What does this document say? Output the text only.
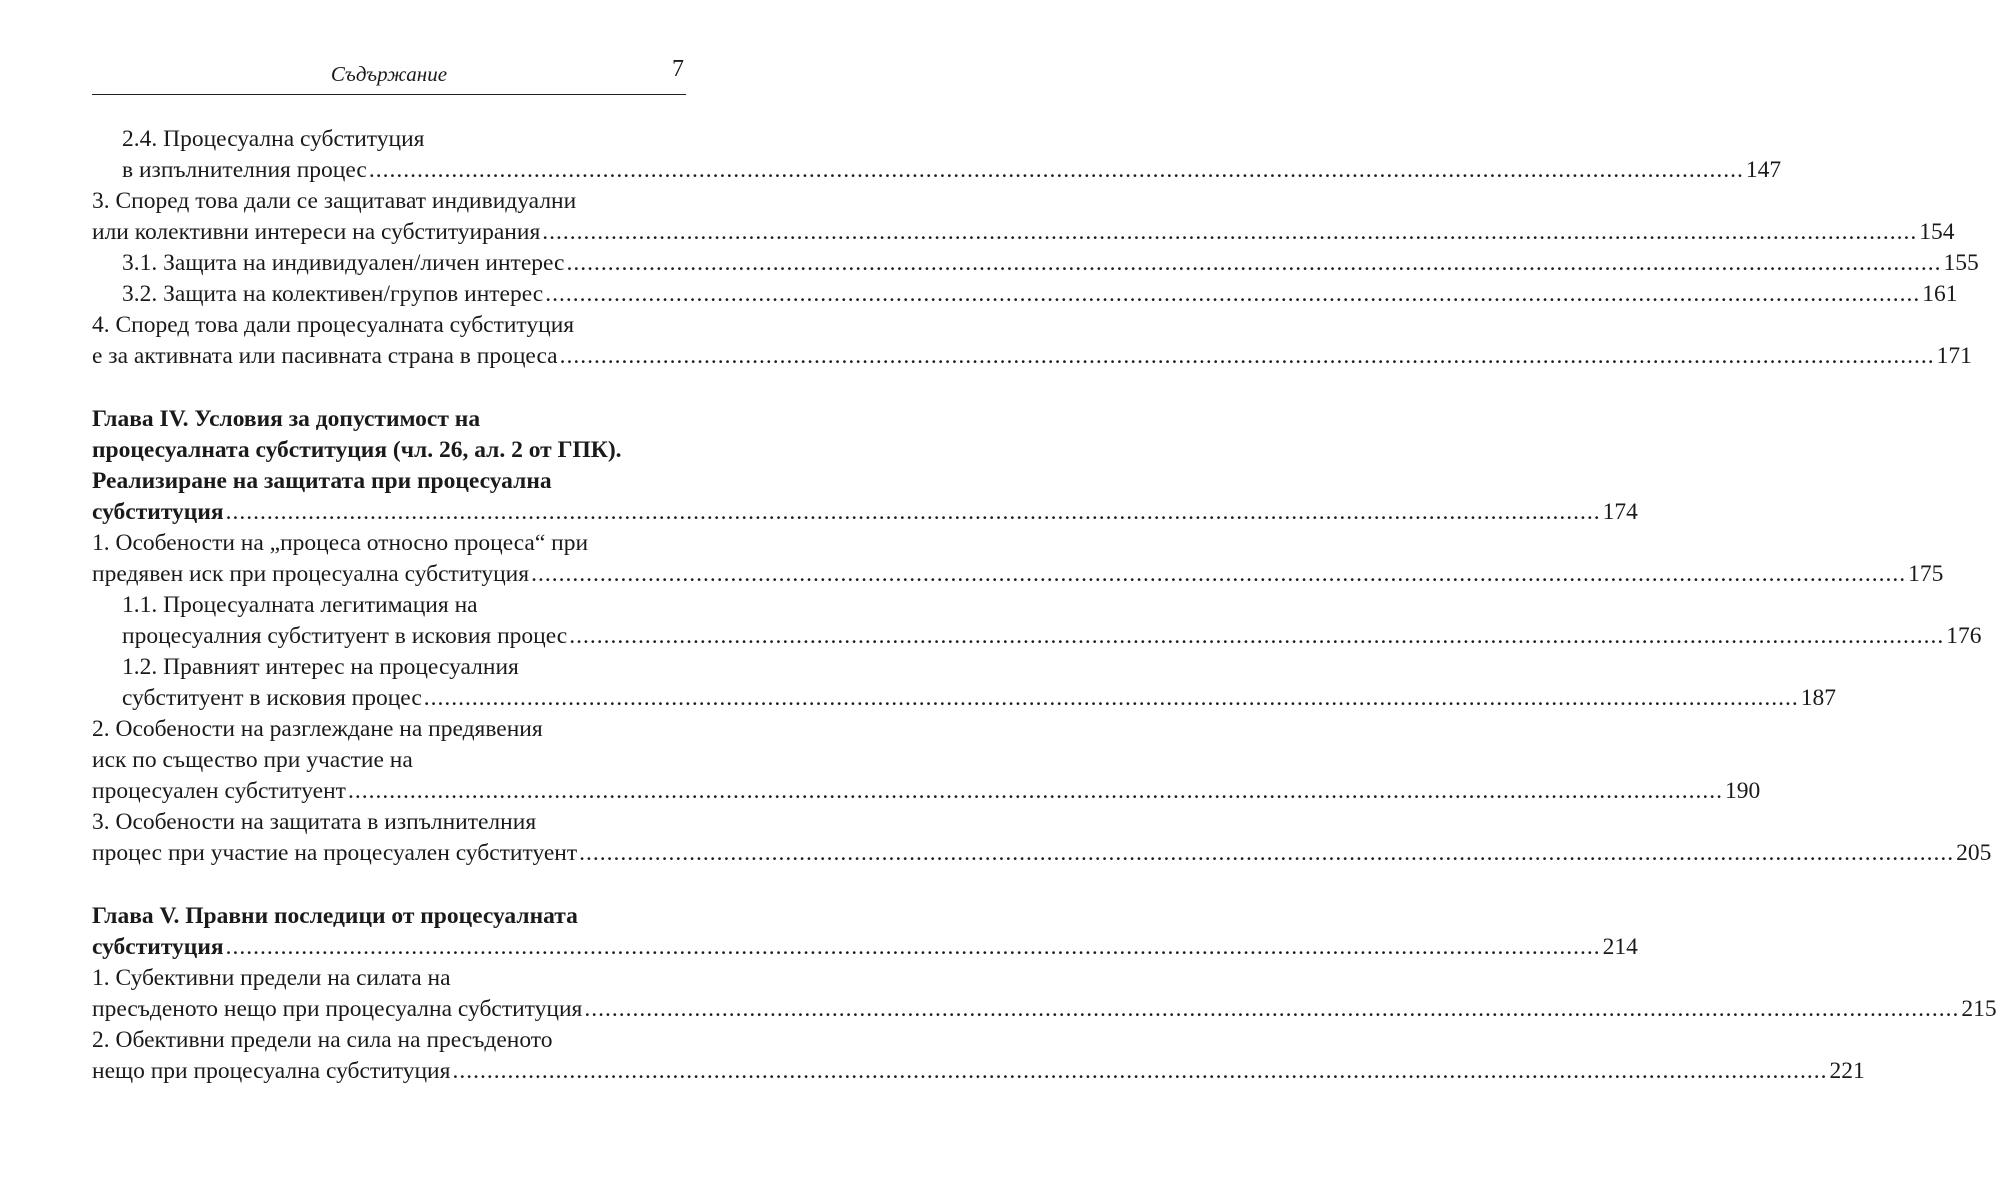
Съдържание	7
2.4. Процесуална субституция
в изпълнителния процес ........................................................................................................................................................................................................ 147
3. Според това дали се защитават индивидуални
или колективни интереси на субституирания ........................................................................................................................................................................................................ 154
3.1. Защита на индивидуален/личен интерес ........................................................................................................................................................................................................ 155
3.2. Защита на колективен/групов интерес ........................................................................................................................................................................................................ 161
4. Според това дали процесуалната субституция
е за активната или пасивната страна в процеса ........................................................................................................................................................................................................ 171
Глава IV. Условия за допустимост на
процесуалната субституция (чл. 26, ал. 2 от ГПК).
Реализиране на защитата при процесуална
субституция ........................................................................................................................................................................................................ 174
1. Особености на „процеса относно процеса“ при
предявен иск при процесуална субституция ........................................................................................................................................................................................................ 175
1.1. Процесуалната легитимация на
процесуалния субституент в исковия процес ........................................................................................................................................................................................................ 176
1.2. Правният интерес на процесуалния
субституент в исковия процес ........................................................................................................................................................................................................ 187
2. Особености на разглеждане на предявения
иск по същество при участие на
процесуален субституент ........................................................................................................................................................................................................ 190
3. Особености на защитата в изпълнителния
процес при участие на процесуален субституент ........................................................................................................................................................................................................ 205
Глава V. Правни последици от процесуалната
субституция ........................................................................................................................................................................................................ 214
1. Субективни предели на силата на
пресъденото нещо при процесуална субституция ........................................................................................................................................................................................................ 215
2. Обективни предели на сила на пресъденото
нещо при процесуална субституция ........................................................................................................................................................................................................ 221
